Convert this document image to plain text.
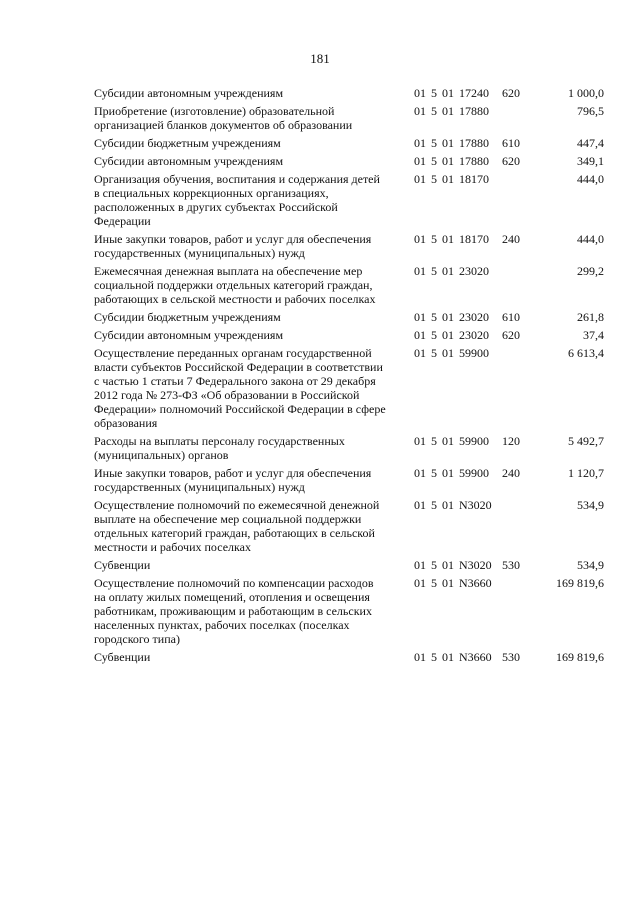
181
Субсидии автономным учреждениям	01 5 01 17240 620	1 000,0
Приобретение (изготовление) образовательной организацией бланков документов об образовании
01 5 01 17880	796,5
Субсидии бюджетным учреждениям	01 5 01 17880 610	447,4
Субсидии автономным учреждениям	01 5 01 17880 620	349,1
Организация обучения, воспитания и содержания детей в специальных коррекционных организациях, расположенных в других субъектах Российской Федерации
01 5 01 18170	444,0
Иные закупки товаров, работ и услуг для обеспечения государственных (муниципальных) нужд
01 5 01 18170 240	444,0
Ежемесячная денежная выплата на обеспечение мер социальной поддержки отдельных категорий граждан, работающих в сельской местности и рабочих поселках
01 5 01 23020	299,2
Субсидии бюджетным учреждениям	01 5 01 23020 610	261,8
Субсидии автономным учреждениям	01 5 01 23020 620	37,4
Осуществление переданных органам государственной власти субъектов Российской Федерации в соответствии с частью 1 статьи 7 Федерального закона от 29 декабря 2012 года № 273-ФЗ «Об образовании в Российской Федерации» полномочий Российской Федерации в сфере образования
01 5 01 59900	6 613,4
Расходы на выплаты персоналу государственных (муниципальных) органов
01 5 01 59900 120	5 492,7
Иные закупки товаров, работ и услуг для обеспечения государственных (муниципальных) нужд
01 5 01 59900 240	1 120,7
Осуществление полномочий по ежемесячной денежной выплате на обеспечение мер социальной поддержки отдельных категорий граждан, работающих в сельской местности и рабочих поселках
01 5 01 N3020	534,9
Субвенции	01 5 01 N3020 530	534,9
Осуществление полномочий по компенсации расходов на оплату жилых помещений, отопления и освещения работникам, проживающим и работающим в сельских населенных пунктах, рабочих поселках (поселках городского типа)
01 5 01 N3660	169 819,6
Субвенции	01 5 01 N3660 530	169 819,6
